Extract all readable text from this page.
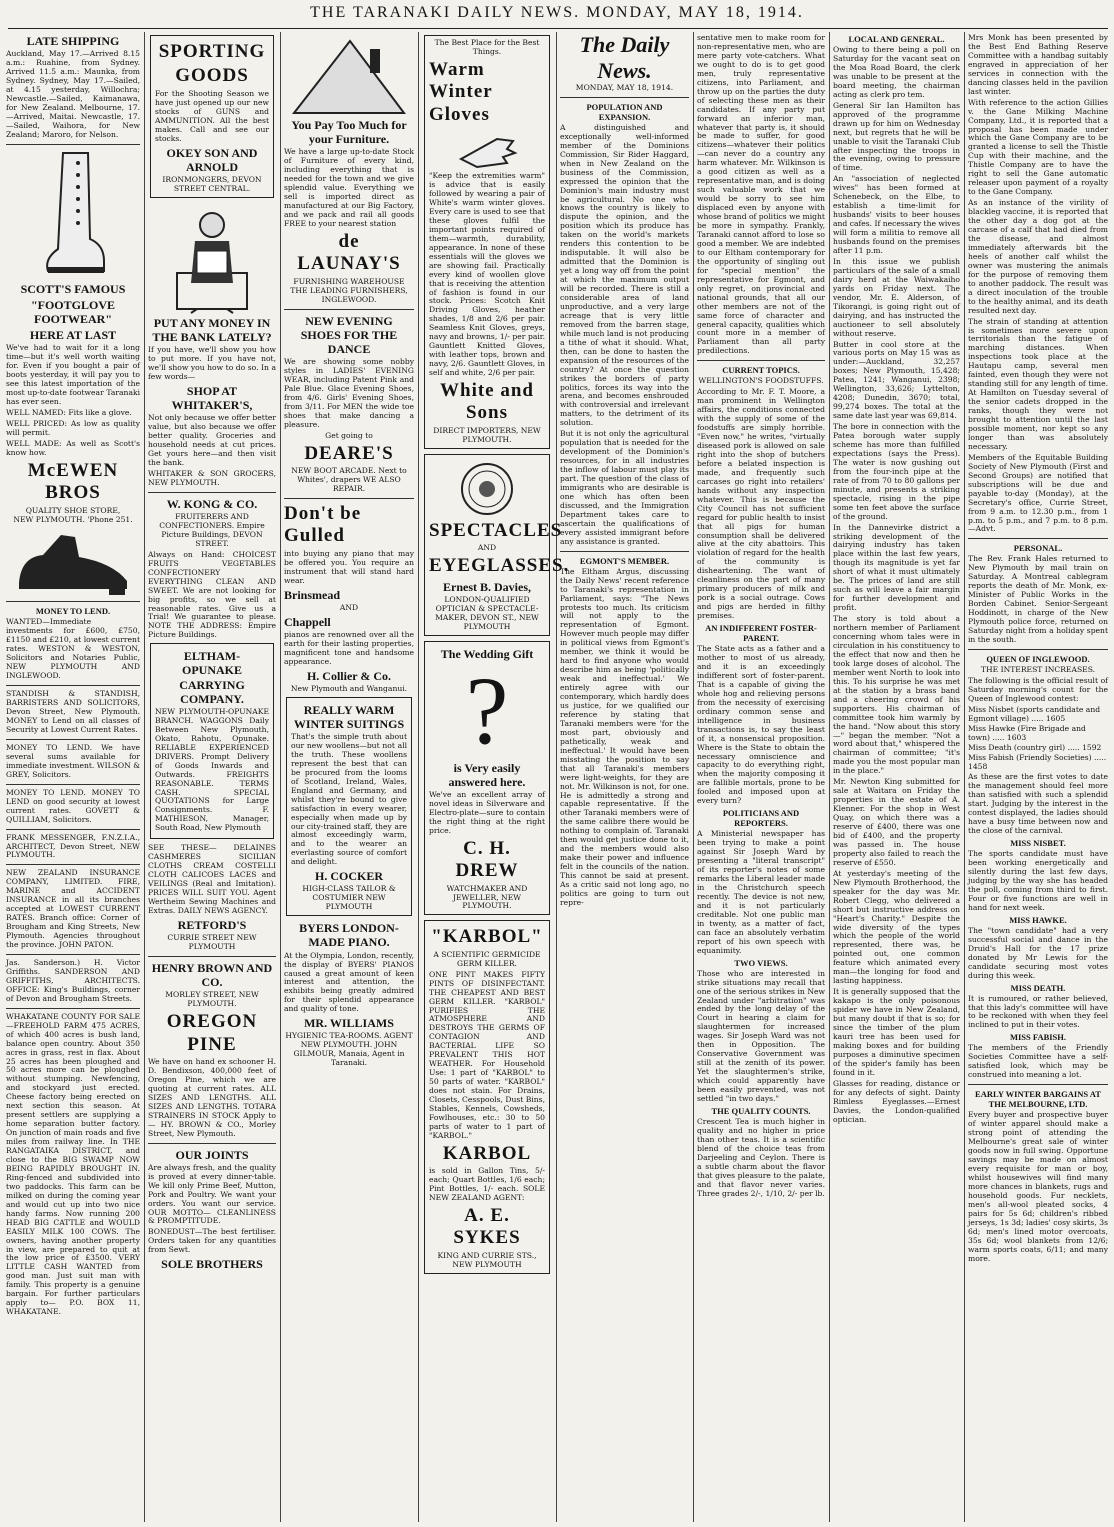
THE TARANAKI DAILY NEWS. MONDAY, MAY 18, 1914.
LATE SHIPPING
Auckland, May 17.—Arrived 8.15 a.m.: Ruahine, from Sydney. Arrived 11.5 a.m.: Maunka, from Sydney. Sydney, May 17.—Sailed, at 4.15 yesterday, Willochra; Newcastle.—Sailed, Kaimanawa, for New Zealand. Melbourne, 17.—Arrived, Maitai. Newcastle, 17.—Sailed, Waihora, for New Zealand; Maroro, for Nelson.
SCOTT'S FAMOUS
"FOOTGLOVE FOOTWEAR"
HERE AT LAST
We've had to wait for it a long time—but it's well worth waiting for. Even if you bought a pair of boots yesterday, it will pay you to see this latest importation of the most up-to-date footwear Taranaki has ever seen.
WELL NAMED: Fits like a glove.
WELL PRICED: As low as quality will permit.
WELL MADE: As well as Scott's know how.
McEWEN BROS
QUALITY SHOE STORE,
NEW PLYMOUTH. 'Phone 251.
MONEY TO LEND.
WANTED—Immediate investments for £600, £750, £1150 and £210, at lowest current rates. WESTON & WESTON, Solicitors and Notaries Public, NEW PLYMOUTH AND INGLEWOOD.
STANDISH & STANDISH, BARRISTERS AND SOLICITORS, Devon Street, New Plymouth. MONEY to Lend on all classes of Security at Lowest Current Rates.
MONEY TO LEND. We have several sums available for immediate investment. WILSON & GREY, Solicitors.
MONEY TO LEND. MONEY TO LEND on good security at lowest current rates. GOVETT & QUILLIAM, Solicitors.
FRANK MESSENGER, F.N.Z.I.A., ARCHITECT, Devon Street, NEW PLYMOUTH.
NEW ZEALAND INSURANCE COMPANY, LIMITED. FIRE, MARINE and ACCIDENT INSURANCE in all its branches accepted at LOWEST CURRENT RATES. Branch office: Corner of Brougham and King Streets, New Plymouth. Agencies throughout the province. JOHN PATON.
Jas. Sanderson.) H. Victor Griffiths. SANDERSON AND GRIFFITHS, ARCHITECTS. OFFICE: King's Buildings, corner of Devon and Brougham Streets.
WHAKATANE COUNTY FOR SALE—FREEHOLD FARM 475 ACRES, of which 400 acres is bush land, balance open country. About 350 acres in grass, rest in flax. About 25 acres has been ploughed and 50 acres more can be ploughed without stumping. Newfencing, and stockyard just erected. Cheese factory being erected on next section this season. At present settlers are supplying a home separation butter factory. On junction of main roads and five miles from railway line. In THE RANGATAIKA DISTRICT, and close to the BIG SWAMP NOW BEING RAPIDLY BROUGHT IN. Ring-fenced and subdivided into two paddocks. This farm can be milked on during the coming year and would cut up into two nice handy farms. Now running 200 HEAD BIG CATTLE and WOULD EASILY MILK 100 COWS. The owners, having another property in view, are prepared to quit at the low price of £3500. VERY LITTLE CASH WANTED from good man. Just suit man with family. This property is a genuine bargain. For further particulars apply to— P.O. BOX 11, WHAKATANE.
SPORTING
GOODS
For the Shooting Season we have just opened up our new stocks of GUNS and AMMUNITION. All the best makes. Call and see our stocks.
OKEY SON AND ARNOLD
IRONMONGERS, DEVON STREET CENTRAL.
PUT ANY MONEY IN THE BANK LATELY?
If you have, we'll show you how to put more. If you have not, we'll show you how to do so. In a few words—
SHOP AT WHITAKER'S,
Not only because we offer better value, but also because we offer better quality. Groceries and household needs at cut prices. Get yours here—and then visit the bank.
WHITAKER & SON GROCERS, NEW PLYMOUTH.
W. KONG & CO.
FRUITERERS AND CONFECTIONERS. Empire Picture Buildings, DEVON STREET.
Always on Hand: CHOICEST FRUITS VEGETABLES CONFECTIONERY EVERYTHING CLEAN AND SWEET. We are not looking for big profits, so we sell at reasonable rates. Give us a Trial! We guarantee to please. NOTE THE ADDRESS: Empire Picture Buildings.
ELTHAM-OPUNAKE CARRYING COMPANY.
NEW PLYMOUTH-OPUNAKE BRANCH. WAGGONS Daily Between New Plymouth, Okato, Rahotu, Opunake. RELIABLE EXPERIENCED DRIVERS. Prompt Delivery of Goods Inwards and Outwards. FREIGHTS REASONABLE. TERMS CASH. SPECIAL QUOTATIONS for Large Consignments. F. MATHIESON, Manager, South Road, New Plymouth
SEE THESE— DELAINES CASHMERES SICILIAN CLOTHS CREAM COSTELLI CLOTH CALICOES LACES and VEILINGS (Real and Imitation). PRICES WILL SUIT YOU. Agent Wertheim Sewing Machines and Extras. DAILY NEWS AGENCY.
RETFORD'S
CURRIE STREET NEW PLYMOUTH
HENRY BROWN AND CO.
MORLEY STREET, NEW PLYMOUTH.
OREGON PINE
We have on hand ex schooner H. D. Bendixson, 400,000 feet of Oregon Pine, which we are quoting at current rates. ALL SIZES AND LENGTHS. ALL SIZES AND LENGTHS. TOTARA STRAINERS IN STOCK Apply to— HY. BROWN & CO., Morley Street, New Plymouth.
OUR JOINTS
Are always fresh, and the quality is proved at every dinner-table. We kill only Prime Beef, Mutton, Pork and Poultry. We want your orders. You want our service. OUR MOTTO— CLEANLINESS & PROMPTITUDE.
BONEDUST—The best fertiliser. Orders taken for any quantities from Sewt.
SOLE BROTHERS
You Pay Too Much for your Furniture.
We have a large up-to-date Stock of Furniture of every kind, including everything that is needed for the town and we give splendid value. Everything we sell is imported direct as manufactured at our Big Factory, and we pack and rail all goods FREE to your nearest station
de LAUNAY'S
FURNISHING WAREHOUSE THE LEADING FURNISHERS, INGLEWOOD.
NEW EVENING SHOES FOR THE DANCE
We are showing some nobby styles in LADIES' EVENING WEAR, including Patent Pink and Pale Blue. Glace Evening Shoes, from 4/6. Girls' Evening Shoes, from 3/11. For MEN the wide toe shoes that make dancing a pleasure.
Get going to
DEARE'S
NEW BOOT ARCADE. Next to Whites', drapers WE ALSO REPAIR.
Don't be Gulled
into buying any piano that may be offered you. You require an instrument that will stand hard wear.
Brinsmead
AND
Chappell
pianos are renowned over all the earth for their lasting properties, magnificent tone and handsome appearance.
H. Collier & Co.
New Plymouth and Wanganui.
REALLY WARM WINTER SUITINGS
That's the simple truth about our new woollens—but not all the truth. These woollens represent the best that can be procured from the looms of Scotland, Ireland, Wales, England and Germany, and whilst they're bound to give satisfaction in every wearer, especially when made up by our city-trained staff, they are almost exceedingly warm, and to the wearer an everlasting source of comfort and delight.
H. COCKER
HIGH-CLASS TAILOR & COSTUMIER NEW PLYMOUTH
BYERS LONDON-MADE PIANO.
At the Olympia, London, recently, the display of BYERS' PIANOS caused a great amount of keen interest and attention, the exhibits being greatly admired for their splendid appearance and quality of tone.
MR. WILLIAMS
HYGIENIC TEA-ROOMS. AGENT NEW PLYMOUTH. JOHN GILMOUR, Manaia, Agent in Taranaki.
The Best Place for the Best Things.
Warm Winter Gloves
"Keep the extremities warm" is advice that is easily followed by wearing a pair of White's warm winter gloves. Every care is used to see that these gloves fulfil the important points required of them—warmth, durability, appearance. In none of these essentials will the gloves we are showing fail. Practically every kind of woollen glove that is receiving the attention of fashion is found in our stock. Prices: Scotch Knit Driving Gloves, heather shades, 1/8 and 2/6 per pair. Seamless Knit Gloves, greys, navy and browns, 1/- per pair. Gauntlett Knitted Gloves, with leather tops, brown and navy, 2/6. Gauntlett Gloves, in self and white, 2/6 per pair.
White and Sons
DIRECT IMPORTERS, NEW PLYMOUTH.
SPECTACLES
AND
EYEGLASSES.
Ernest B. Davies,
LONDON-QUALIFIED OPTICIAN & SPECTACLE-MAKER, DEVON ST., NEW PLYMOUTH
The Wedding Gift
?
is Very easily answered here.
We've an excellent array of novel ideas in Silverware and Electro-plate—sure to contain the right thing at the right price.
C. H. DREW
WATCHMAKER AND JEWELLER, NEW PLYMOUTH.
"KARBOL"
A SCIENTIFIC GERMICIDE GERM KILLER.
ONE PINT MAKES FIFTY PINTS OF DISINFECTANT. THE CHEAPEST AND BEST GERM KILLER. "KARBOL" PURIFIES THE ATMOSPHERE AND DESTROYS THE GERMS OF CONTAGION AND BACTERIAL LIFE SO PREVALENT THIS HOT WEATHER. For Household Use: 1 part of "KARBOL" to 50 parts of water. "KARBOL" does not stain. For Drains, Closets, Cesspools, Dust Bins, Stables, Kennels, Cowsheds, Fowlhouses, etc.: 30 to 50 parts of water to 1 part of "KARBOL."
KARBOL
is sold in Gallon Tins, 5/- each; Quart Bottles, 1/6 each; Pint Bottles, 1/- each. SOLE NEW ZEALAND AGENT:
A. E. SYKES
KING AND CURRIE STS., NEW PLYMOUTH
The Daily News.
MONDAY, MAY 18, 1914.
POPULATION AND EXPANSION.
A distinguished and exceptionally well-informed member of the Dominions Commission, Sir Rider Haggard, when in New Zealand on the business of the Commission, expressed the opinion that the Dominion's main industry must be agricultural. No one who knows the country is likely to dispute the opinion, and the position which its produce has taken on the world's markets renders this contention to be indisputable. It will also be admitted that the Dominion is yet a long way off from the point at which the maximum output will be recorded. There is still a considerable area of land unproductive, and a very large acreage that is very little removed from the barren stage, while much land is not producing a tithe of what it should. What, then, can be done to hasten the expansion of the resources of the country? At once the question strikes the borders of party politics, forces its way into the arena, and becomes enshrouded with controversial and irrelevant matters, to the detriment of its solution.
But it is not only the agricultural population that is needed for the development of the Dominion's resources, for in all industries the inflow of labour must play its part. The question of the class of immigrants who are desirable is one which has often been discussed, and the Immigration Department takes care to ascertain the qualifications of every assisted immigrant before any assistance is granted.
EGMONT'S MEMBER.
The Eltham Argus, discussing the Daily News' recent reference to Taranaki's representation in Parliament, says: "The News protests too much. Its criticism will not apply to the representation of Egmont. However much people may differ in political views from Egmont's member, we think it would be hard to find anyone who would describe him as being 'politically weak and ineffectual.' We entirely agree with our contemporary, which hardly does us justice, for we qualified our reference by stating that Taranaki members were 'for the most part, obviously and pathetically, weak and ineffectual.' It would have been misstating the position to say that all Taranaki's members were light-weights, for they are not. Mr. Wilkinson is not, for one. He is admittedly a strong and capable representative. If the other Taranaki members were of the same calibre there would be nothing to complain of. Taranaki then would get justice done to it, and the members would also make their power and influence felt in the councils of the nation. This cannot be said at present. As a critic said not long ago, no politics are going to turn out repre-
sentative men to make room for non-representative men, who are mere party vote-catchers. What we ought to do is to get good men, truly representative citizens, into Parliament, and throw up on the parties the duty of selecting these men as their candidates. If any party put forward an inferior man, whatever that party is, it should be made to suffer, for good citizens—whatever their politics—can never do a country any harm whatever. Mr. Wilkinson is a good citizen as well as a representative man, and is doing such valuable work that we would be sorry to see him displaced even by anyone with whose brand of politics we might be more in sympathy. Frankly, Taranaki cannot afford to lose so good a member. We are indebted to our Eltham contemporary for the opportunity of singling out for "special mention" the representative for Egmont, and only regret, on provincial and national grounds, that all our other members are not of the same force of character and general capacity, qualities which count more in a member of Parliament than all party predilections.
CURRENT TOPICS.
WELLINGTON'S FOODSTUFFS.
According to Mr. F. T. Moore, a man prominent in Wellington affairs, the conditions connected with the supply of some of the foodstuffs are simply horrible. "Even now," he writes, "virtually diseased pork is allowed on sale right into the shop of butchers before a belated inspection is made, and frequently such carcases go right into retailers' hands without any inspection whatever. This is because the City Council has not sufficient regard for public health to insist that all pigs for human consumption shall be delivered alive at the city abattoirs. This violation of regard for the health of the community is disheartening. The want of cleanliness on the part of many primary producers of milk and pork is a social outrage. Cows and pigs are herded in filthy premises.
AN INDIFFERENT FOSTER-PARENT.
The State acts as a father and a mother to most of us already, and it is an exceedingly indifferent sort of foster-parent. That is a capable of giving the whole hog and relieving persons from the necessity of exercising ordinary common sense and intelligence in business transactions is, to say the least of it, a nonsensical proposition. Where is the State to obtain the necessary omniscience and capacity to do everything right, when the majority composing it are fallible mortals, prone to be fooled and imposed upon at every turn?
POLITICIANS AND REPORTERS.
A Ministerial newspaper has been trying to make a point against Sir Joseph Ward by presenting a "literal transcript" of its reporter's notes of some remarks the Liberal leader made in the Christchurch speech recently. The device is not new, and it is not particularly creditable. Not one public man in twenty, as a matter of fact, can face an absolutely verbatim report of his own speech with equanimity.
TWO VIEWS.
Those who are interested in strike situations may recall that one of the serious strikes in New Zealand under "arbitration" was ended by the long delay of the Court in hearing a claim for slaughtermen for increased wages. Sir Joseph Ward was not then in Opposition. The Conservative Government was still at the zenith of its power. Yet the slaughtermen's strike, which could apparently have been easily prevented, was not settled "in two days."
THE QUALITY COUNTS.
Crescent Tea is much higher in quality and no higher in price than other teas. It is a scientific blend of the choice teas from Darjeeling and Ceylon. There is a subtle charm about the flavor that gives pleasure to the palate, and that flavor never varies. Three grades 2/-, 1/10, 2/- per lb.
LOCAL AND GENERAL.
Owing to there being a poll on Saturday for the vacant seat on the Moa Road Board, the clerk was unable to be present at the board meeting, the chairman acting as clerk pro tem.
General Sir Ian Hamilton has approved of the programme drawn up for him on Wednesday next, but regrets that he will be unable to visit the Taranaki Club after inspecting the troops in the evening, owing to pressure of time.
An "association of neglected wives" has been formed at Schenebeck, on the Elbe, to establish a time-limit for husbands' visits to beer houses and cafes. If necessary the wives will form a militia to remove all husbands found on the premises after 11 p.m.
In this issue we publish particulars of the sale of a small dairy herd at the Waiwakaiho yards on Friday next. The vendor, Mr. E. Alderson, of Tikorangi, is going right out of dairying, and has instructed the auctioneer to sell absolutely without reserve.
Butter in cool store at the various ports on May 15 was as under:—Auckland, 32,257 boxes; New Plymouth, 15,428; Patea, 1241; Wanganui, 2398; Wellington, 33,626; Lyttelton, 4208; Dunedin, 3670; total, 99,274 boxes. The total at the same date last year was 69,814.
The bore in connection with the Patea borough water supply scheme has more than fulfilled expectations (says the Press). The water is now gushing out from the four-inch pipe at the rate of from 70 to 80 gallons per minute, and presents a striking spectacle, rising in the pipe some ten feet above the surface of the ground.
In the Dannevirke district a striking development of the dairying industry has taken place within the last few years, though its magnitude is yet far short of what it must ultimately be. The prices of land are still such as will leave a fair margin for further development and profit.
The story is told about a northern member of Parliament concerning whom tales were in circulation in his constituency to the effect that now and then he took large doses of alcohol. The member went North to look into this. To his surprise he was met at the station by a brass band and a cheering crowd of his supporters. His chairman of committee took him warmly by the hand. "Now about this story—" began the member. "Not a word about that," whispered the chairman of committee; "it's made you the most popular man in the place."
Mr. Newton King submitted for sale at Waitara on Friday the properties in the estate of A. Klenner. For the shop in West Quay, on which there was a reserve of £400, there was one bid of £400, and the property was passed in. The house property also failed to reach the reserve of £550.
At yesterday's meeting of the New Plymouth Brotherhood, the speaker for the day was Mr. Robert Clegg, who delivered a short but instructive address on "Heart's Charity." Despite the wide diversity of the types which the people of the world represented, there was, he pointed out, one common feature which animated every man—the longing for food and lasting happiness.
It is generally supposed that the kakapo is the only poisonous spider we have in New Zealand, but many doubt if that is so; for since the timber of the plum kauri tree has been used for making boxes and for building purposes a diminutive specimen of the spider's family has been found in it.
Glasses for reading, distance or for any defects of sight. Dainty Rimless Eyeglasses.—Ernest Davies, the London-qualified optician.
Mrs Monk has been presented by the Best End Bathing Reserve Committee with a handbag suitably engraved in appreciation of her services in connection with the dancing classes held in the pavilion last winter.
With reference to the action Gillies v. the Gane Milking Machine Company, Ltd., it is reported that a proposal has been made under which the Gane Company are to be granted a license to sell the Thistle Cup with their machine, and the Thistle Company are to have the right to sell the Gane automatic releaser upon payment of a royalty to the Gane Company.
As an instance of the virility of blackleg vaccine, it is reported that the other day a dog got at the carcase of a calf that had died from the disease, and almost immediately afterwards bit the heels of another calf whilst the owner was mustering the animals for the purpose of removing them to another paddock. The result was a direct inoculation of the trouble to the healthy animal, and its death resulted next day.
The strain of standing at attention is sometimes more severe upon territorials than the fatigue of marching distances. When inspections took place at the Hautapu camp, several men fainted, even though they were not standing still for any length of time. At Hamilton on Tuesday several of the senior cadets dropped in the ranks, though they were not brought to attention until the last possible moment, nor kept so any longer than was absolutely necessary.
Members of the Equitable Building Society of New Plymouth (First and Second Groups) are notified that subscriptions will be due and payable to-day (Monday), at the Secretary's office, Currie Street, from 9 a.m. to 12.30 p.m., from 1 p.m. to 5 p.m., and 7 p.m. to 8 p.m.—Advt.
PERSONAL.
The Rev. Frank Hales returned to New Plymouth by mail train on Saturday. A Montreal cablegram reports the death of Mr. Monk, ex-Minister of Public Works in the Borden Cabinet. Senior-Sergeant Hoddinott, in charge of the New Plymouth police force, returned on Saturday night from a holiday spent in the south.
QUEEN OF INGLEWOOD.
THE INTEREST INCREASES.
The following is the official result of Saturday morning's count for the Queen of Inglewood contest:
Miss Nisbet (sports candidate and Egmont village) ..... 1605
Miss Hawke (Fire Brigade and town) ..... 1603
Miss Death (country girl) ..... 1592
Miss Fabish (Friendly Societies) ..... 1458
As these are the first votes to date the management should feel more than satisfied with such a splendid start. Judging by the interest in the contest displayed, the ladies should have a busy time between now and the close of the carnival.
MISS NISBET.
The sports candidate must have been working energetically and silently during the last few days, judging by the way she has headed the poll, coming from third to first. Four or five functions are well in hand for next week.
MISS HAWKE.
The "town candidate" had a very successful social and dance in the Druid's Hall for the 17 prize donated by Mr Lewis for the candidate securing most votes during this week.
MISS DEATH.
It is rumoured, or rather believed, that this lady's committee will have to be reckoned with when they feel inclined to put in their votes.
MISS FABISH.
The members of the Friendly Societies Committee have a self-satisfied look, which may be construed into meaning a lot.
EARLY WINTER BARGAINS AT THE MELBOURNE, LTD.
Every buyer and prospective buyer of winter apparel should make a strong point of attending the Melbourne's great sale of winter goods now in full swing. Opportune savings may be made on almost every requisite for man or boy, whilst housewives will find many more chances in blankets, rugs and household goods. Fur necklets, men's all-wool pleated socks, 4 pairs for 5s 6d; children's ribbed jerseys, 1s 3d; ladies' cosy skirts, 3s 6d; men's lined motor overcoats, 35s 6d; wool blankets from 12/6; warm sports coats, 6/11; and many more.
